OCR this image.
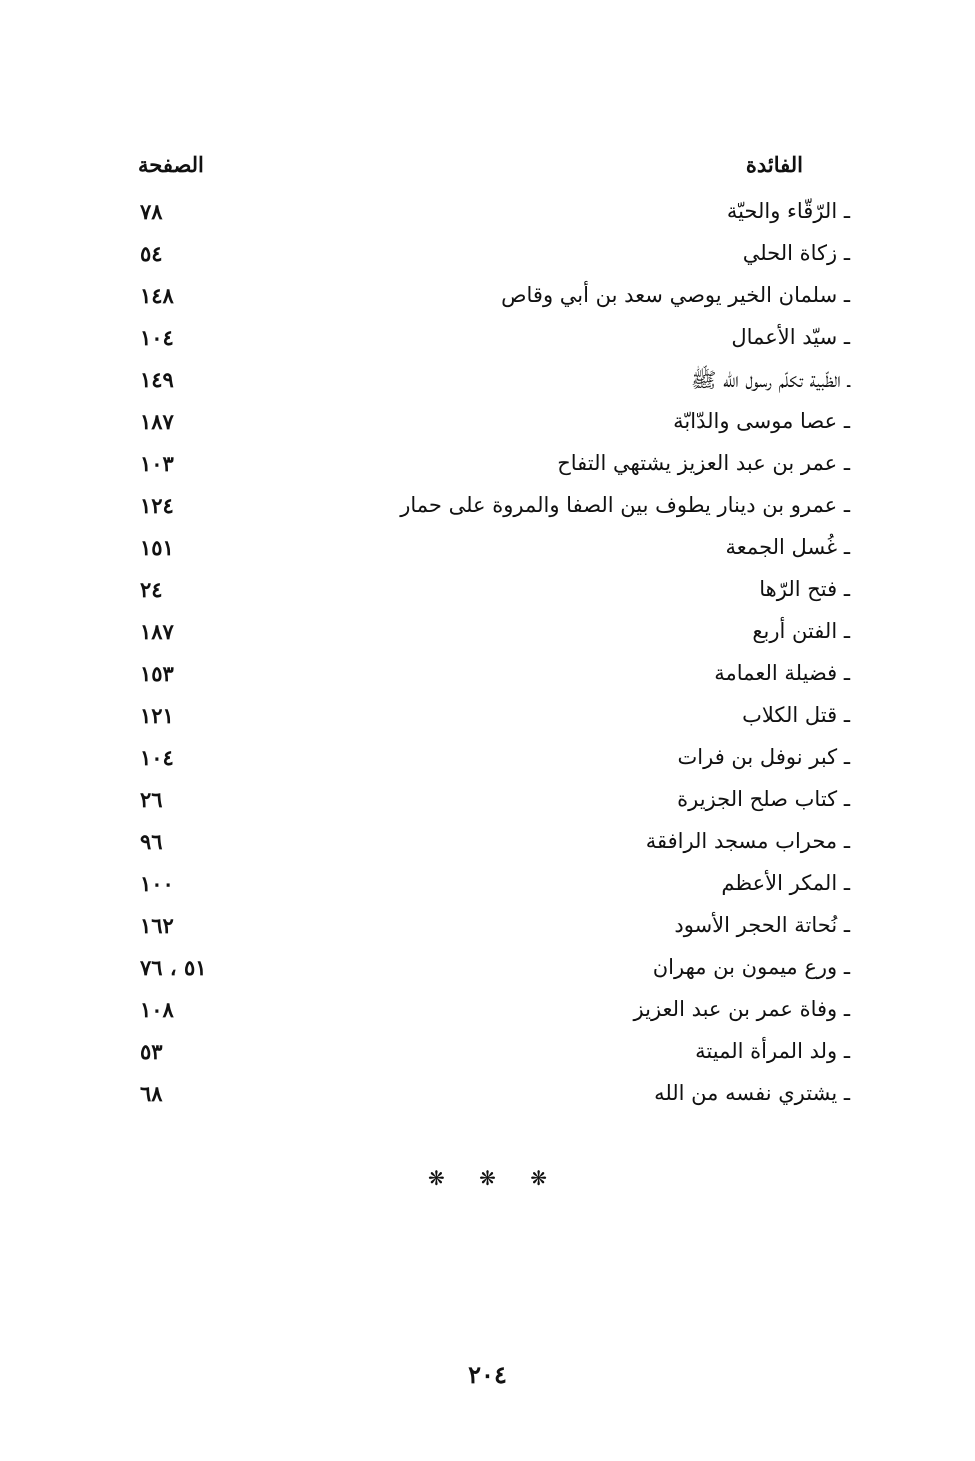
الفائدة
الصفحة
ـ الرّقّاء والحيّة
٧٨
ـ زكاة الحلي
٥٤
ـ سلمان الخير يوصي سعد بن أبي وقاص
١٤٨
ـ سيّد الأعمال
١٠٤
ـ الظّبية تكلّم رسول الله ﷺ
١٤٩
ـ عصا موسى والدّابّة
١٨٧
ـ عمر بن عبد العزيز يشتهي التفاح
١٠٣
ـ عمرو بن دينار يطوف بين الصفا والمروة على حمار
١٢٤
ـ غُسل الجمعة
١٥١
ـ فتح الرّها
٢٤
ـ الفتن أربع
١٨٧
ـ فضيلة العمامة
١٥٣
ـ قتل الكلاب
١٢١
ـ كبر نوفل بن فرات
١٠٤
ـ كتاب صلح الجزيرة
٢٦
ـ محراب مسجد الرافقة
٩٦
ـ المكر الأعظم
١٠٠
ـ نُحاتة الحجر الأسود
١٦٢
ـ ورع ميمون بن مهران
٥١ ، ٧٦
ـ وفاة عمر بن عبد العزيز
١٠٨
ـ ولد المرأة الميتة
٥٣
ـ يشتري نفسه من الله
٦٨
❋ ❋ ❋
٢٠٤
